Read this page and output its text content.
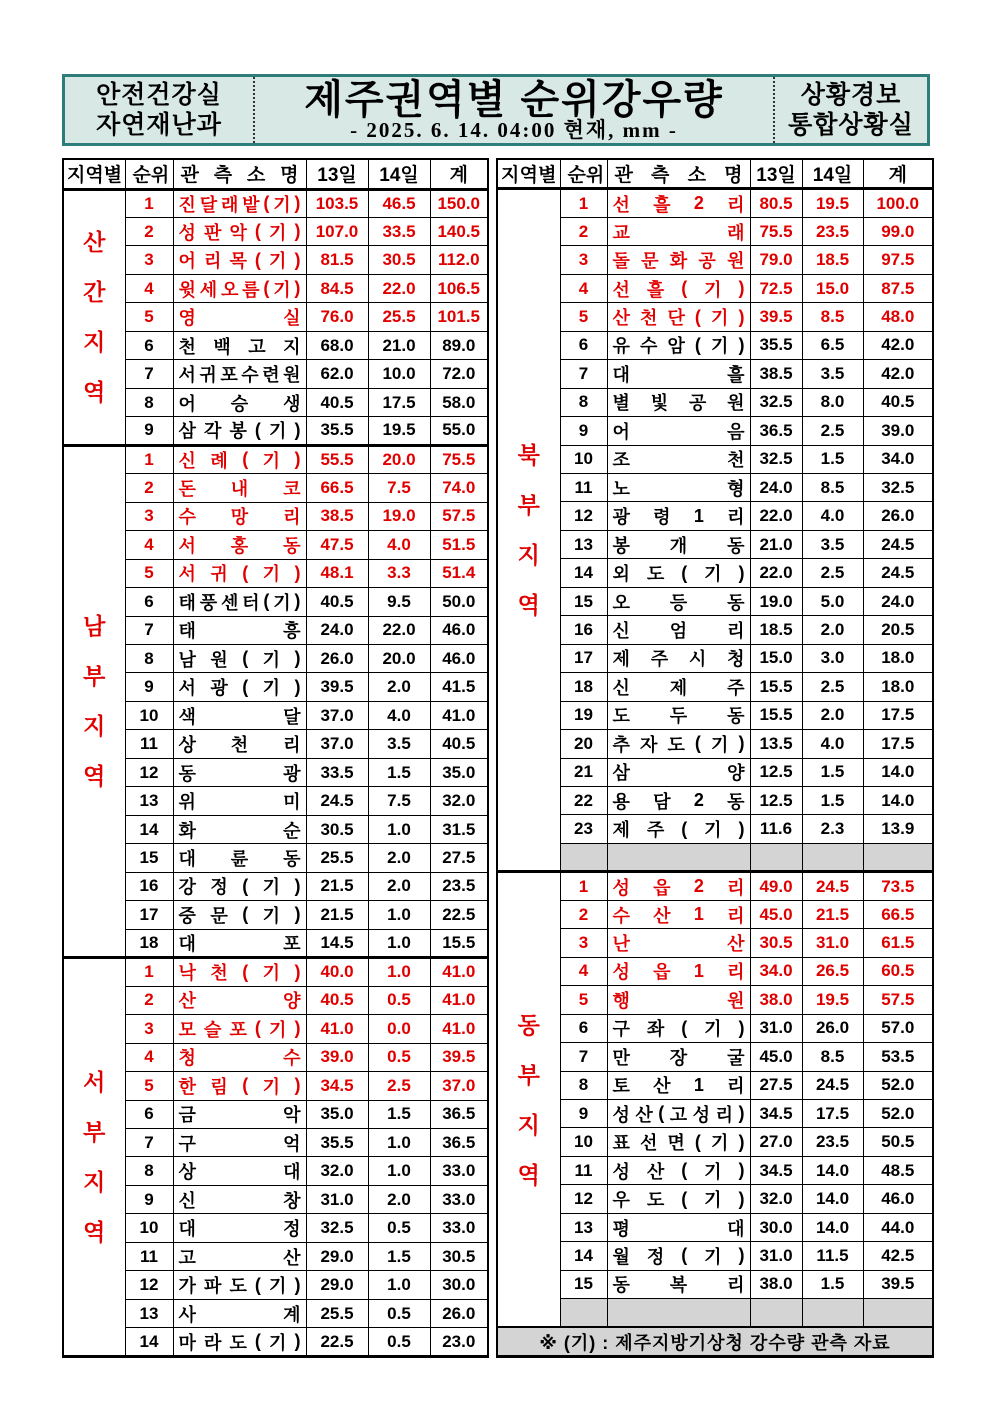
안전건강실
자연재난과
제주권역별 순위강우량
- 2025. 6. 14. 04:00 현재, mm -
상황경보
통합상황실
지 역 별	순 위	관 측 소 명	13일	14일	계

산
간
지
역
	1	진 달 래 밭 ( 기 )	103.5	46.5	150.0
2	성 판 악 ( 기 )	107.0	33.5	140.5
3	어 리 목 ( 기 )	81.5	30.5	112.0
4	윗 세 오 름 ( 기 )	84.5	22.0	106.5
	5	영 실	76.0	25.5	101.5
	6	천 백 고 지	68.0	21.0	89.0
7	서 귀 포 수 련 원	62.0	10.0	72.0
	8	어 승 생	40.5	17.5	58.0
9	삼 각 봉 ( 기 )	35.5	19.5	55.0

남
부
지
역
	1	신 례 ( 기 )	55.5	20.0	75.5
	2	돈 내 코	66.5	7.5	74.0
	3	수 망 리	38.5	19.0	57.5
	4	서 홍 동	47.5	4.0	51.5
	5	서 귀 ( 기 )	48.1	3.3	51.4
6	태 풍 센 터 ( 기 )	40.5	9.5	50.0
	7	태 흥	24.0	22.0	46.0
	8	남 원 ( 기 )	26.0	20.0	46.0
	9	서 광 ( 기 )	39.5	2.0	41.5
	10	색 달	37.0	4.0	41.0
	11	상 천 리	37.0	3.5	40.5
	12	동 광	33.5	1.5	35.0
	13	위 미	24.5	7.5	32.0
	14	화 순	30.5	1.0	31.5
	15	대 륜 동	25.5	2.0	27.5
	16	강 정 ( 기 )	21.5	2.0	23.5
	17	중 문 ( 기 )	21.5	1.0	22.5
	18	대 포	14.5	1.0	15.5

서
부
지
역
	1	낙 천 ( 기 )	40.0	1.0	41.0
	2	산 양	40.5	0.5	41.0
3	모 슬 포 ( 기 )	41.0	0.0	41.0
	4	청 수	39.0	0.5	39.5
	5	한 림 ( 기 )	34.5	2.5	37.0
	6	금 악	35.0	1.5	36.5
	7	구 억	35.5	1.0	36.5
	8	상 대	32.0	1.0	33.0
	9	신 창	31.0	2.0	33.0
	10	대 정	32.5	0.5	33.0
	11	고 산	29.0	1.5	30.5
12	가 파 도 ( 기 )	29.0	1.0	30.0
	13	사 계	25.5	0.5	26.0
14	마 라 도 ( 기 )	22.5	0.5	23.0
지 역 별	순 위	관 측 소 명	13일	14일	계

북
부
지
역
	1	선 흘 2 리	80.5	19.5	100.0
	2	교 래	75.5	23.5	99.0
	3	돌 문 화 공 원	79.0	18.5	97.5
	4	선 흘 ( 기 )	72.5	15.0	87.5
5	산 천 단 ( 기 )	39.5	8.5	48.0
6	유 수 암 ( 기 )	35.5	6.5	42.0
	7	대 흘	38.5	3.5	42.0
	8	별 빛 공 원	32.5	8.0	40.5
	9	어 음	36.5	2.5	39.0
	10	조 천	32.5	1.5	34.0
	11	노 형	24.0	8.5	32.5
	12	광 령 1 리	22.0	4.0	26.0
	13	봉 개 동	21.0	3.5	24.5
	14	외 도 ( 기 )	22.0	2.5	24.5
	15	오 등 동	19.0	5.0	24.0
	16	신 엄 리	18.5	2.0	20.5
	17	제 주 시 청	15.0	3.0	18.0
	18	신 제 주	15.5	2.5	18.0
	19	도 두 동	15.5	2.0	17.5
20	추 자 도 ( 기 )	13.5	4.0	17.5
	21	삼 양	12.5	1.5	14.0
	22	용 담 2 동	12.5	1.5	14.0
	23	제 주 ( 기 )	11.6	2.3	13.9

동
부
지
역
	1	성 읍 2 리	49.0	24.5	73.5
	2	수 산 1 리	45.0	21.5	66.5
	3	난 산	30.5	31.0	61.5
	4	성 읍 1 리	34.0	26.5	60.5
	5	행 원	38.0	19.5	57.5
	6	구 좌 ( 기 )	31.0	26.0	57.0
	7	만 장 굴	45.0	8.5	53.5
	8	토 산 1 리	27.5	24.5	52.0
9	성 산 ( 고 성 리 )	34.5	17.5	52.0
10	표 선 면 ( 기 )	27.0	23.5	50.5
	11	성 산 ( 기 )	34.5	14.0	48.5
	12	우 도 ( 기 )	32.0	14.0	46.0
	13	평 대	30.0	14.0	44.0
	14	월 정 ( 기 )	31.0	11.5	42.5
	15	동 복 리	38.0	1.5	39.5

※ (기) : 제주지방기상청 강수량 관측 자료					
